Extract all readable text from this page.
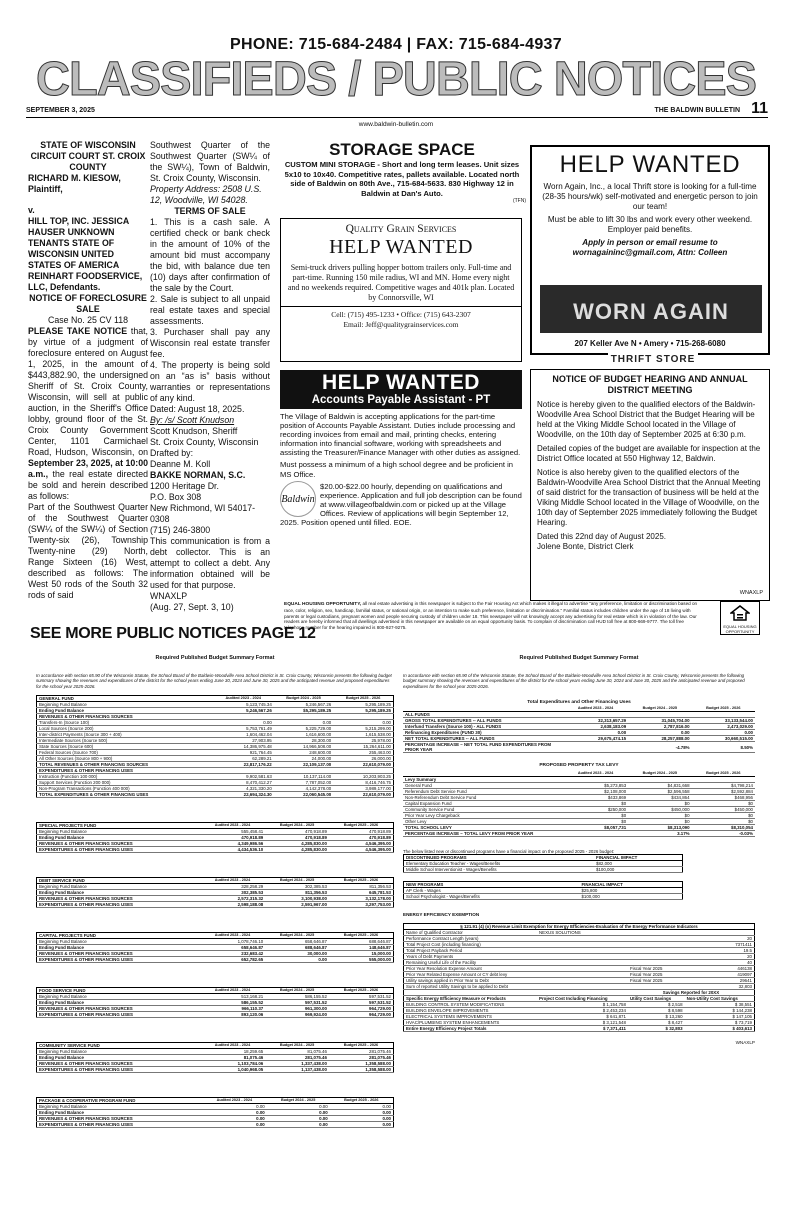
PHONE: 715-684-2484 | FAX: 715-684-4937
CLASSIFIEDS / PUBLIC NOTICES
SEPTEMBER 3, 2025	THE BALDWIN BULLETIN 11
www.baldwin-bulletin.com
STATE OF WISCONSIN CIRCUIT COURT ST. CROIX COUNTY
RICHARD M. KIESOW, Plaintiff,
v.
HILL TOP, INC. JESSICA HAUSER UNKNOWN TENANTS STATE OF WISCONSIN UNITED STATES OF AMERICA REINHART FOODSERVICE, LLC, Defendants.
NOTICE OF FORECLOSURE SALE
Case No. 25 CV 118
PLEASE TAKE NOTICE that, by virtue of a judgment of foreclosure entered on August 1, 2025, in the amount of $443,882.90, the undersigned Sheriff of St. Croix County, Wisconsin, will sell at public auction, in the Sheriff's Office lobby, ground floor of the St. Croix County Government Center, 1101 Carmichael Road, Hudson, Wisconsin, on September 23, 2025, at 10:00 a.m., the real estate directed be sold and herein described as follows:
Part of the Southwest Quarter of the Southwest Quarter (SW¼ of the SW¼) of Section Twenty-six (26), Township Twenty-nine (29) North, Range Sixteen (16) West, described as follows: The West 50 rods of the South 32 rods of said
Southwest Quarter of the Southwest Quarter (SW¼ of the SW¼), Town of Baldwin, St. Croix County, Wisconsin.
Property Address: 2508 U.S. 12, Woodville, WI 54028.
TERMS OF SALE
1. This is a cash sale. A certified check or bank check in the amount of 10% of the amount bid must accompany the bid, with balance due ten (10) days after confirmation of the sale by the Court.
2. Sale is subject to all unpaid real estate taxes and special assessments.
3. Purchaser shall pay any Wisconsin real estate transfer fee.
4. The property is being sold on an “as is” basis without warranties or representations of any kind.
Dated: August 18, 2025.
By: /s/ Scott Knudson
Scott Knudson, Sheriff
St. Croix County, Wisconsin
Drafted by:
Deanne M. Koll
BAKKE NORMAN, S.C.
1200 Heritage Dr.
P.O. Box 308
New Richmond, WI 54017-0308
(715) 246-3800
This communication is from a debt collector. This is an attempt to collect a debt. Any information obtained will be used for that purpose.
WNAXLP
(Aug. 27, Sept. 3, 10)
SEE MORE PUBLIC NOTICES PAGE 12
STORAGE SPACE

CUSTOM MINI STORAGE - Short and long term leases. Unit sizes 5x10 to 10x40. Competitive rates, pallets available. Located north side of Baldwin on 80th Ave., 715-684-5633. 830 Highway 12 in Baldwin at Dan's Auto.

(TFN)

Quality Grain Services
HELP WANTED
Semi-truck drivers pulling hopper bottom trailers only. Full-time and part-time. Running 150 mile radius, WI and MN. Home every night and no weekends required. Competitive wages and 401k plan. Located by Connorsville, WI
Cell: (715) 495-1233 • Office: (715) 643-2307
Email: Jeff@qualitygrainservices.com
HELP WANTED
Accounts Payable Assistant - PT

The Village of Baldwin is accepting applications for the part-time position of Accounts Payable Assistant. Duties include processing and recording invoices from email and mail, printing checks, entering information into financial software, working with spreadsheets and assisting the Treasurer/Finance Manager with other duties as assigned.

Must possess a minimum of a high school degree and be proficient in MS Office.

Baldwin

$20.00-$22.00 hourly, depending on qualifications and experience. Application and full job description can be found at www.villageofbaldwin.com or picked up at the Village Offices. Review of applications will begin September 12, 2025. Position opened until filled. EOE.

HELP WANTED

Worn Again, Inc., a local Thrift store is looking for a full-time (28-35 hours/wk) self-motivated and energetic person to join our team!

Must be able to lift 30 lbs and work every other weekend. Employer paid benefits.

Apply in person or email resume to wornagaininc@gmail.com, Attn: Colleen

WORN AGAIN THRIFT STORE
207 Keller Ave N • Amery • 715-268-6080
NOTICE OF BUDGET HEARING AND ANNUAL DISTRICT MEETING

Notice is hereby given to the qualified electors of the Baldwin-Woodville Area School District that the Budget Hearing will be held at the Viking Middle School located in the Village of Woodville, on the 10th day of September 2025 at 6:30 p.m.

Detailed copies of the budget are available for inspection at the District Office located at 550 Highway 12, Baldwin.

Notice is also hereby given to the qualified electors of the Baldwin-Woodville Area School District that the Annual Meeting of said district for the transaction of business will be held at the Viking Middle School located in the Village of Woodville, on the 10th day of September 2025 immediately following the Budget Hearing.

Dated this 22nd day of August 2025.

Jolene Bonte, District Clerk

WNAXLP
EQUAL HOUSING OPPORTUNITY, all real estate advertising in this newspaper is subject to the Fair Housing Act which makes it illegal to advertise "any preference, limitation or discrimination based on race, color, religion, sex, handicap, familial status, or national origin, or an intention to make such preference, limitation or discrimination." Familial status includes children under the age of 18 living with parents or legal custodians, pregnant women and people securing custody of children under 18. This newspaper will not knowingly accept any advertising for real estate which is in violation of the law. Our readers are hereby informed that all dwellings advertised in this newspaper are available on an equal opportunity basis. To complain of discrimination call HUD toll free at 800-669-9777. The toll free telephone number for the hearing impaired is 800-927-9275.	EQUAL HOUSING OPPORTUNITY
Required Published Budget Summary Format
In accordance with section 65.90 of the Wisconsin Statute, the School Board of the Baldwin-Woodville Area School District in St. Croix County, Wisconsin presents the following budget summary showing the revenues and expenditures of the district for the school years ending June 30, 2024 and June 30, 2025 and the anticipated revenue and proposed expenditures for the school year 2025-2026.
GENERAL FUND	Audited 2023 - 2024	Budget 2024 - 2025	Budget 2025 - 2026
Beginning Fund Balance	5,123,745.34	5,246,567.26	5,295,189.25
Ending Fund Balance	5,246,567.26	$5,295,189.25	5,295,189.25
REVENUES & OTHER FINANCING SOURCES			
Transfers-In (Source 100)	0.00	0.00	0.00
Local Sources (Source 200)	5,753,761.49	5,225,729.00	5,215,299.00
Inter-district Payments (Source 300 + 400)	1,604,462.04	1,616,600.00	1,615,538.00
Intermediate Sources (Source 500)	27,903.95	28,300.00	25,978.00
State Sources (Source 600)	14,386,975.48	14,966,508.00	15,264,611.00
Federal Sources (Source 700)	921,764.45	248,600.00	255,463.00
All Other Sources (Source 800 + 900)	62,289.21	24,000.00	26,000.00
TOTAL REVENUES & OTHER FINANCING SOURCES	22,817,176.22	22,109,137.00	22,610,079.00
EXPENDITURES & OTHER FINANCING USES			
Instruction (Function 100 000)	9,902,581.63	10,137,114.00	10,203,903.25
Support Services (Function 200 000)	8,470,412.27	7,787,052.00	8,416,746.75
Non-Program Transactions (Function 400 000)	4,321,330.20	4,142,378.00	3,989,177.00
TOTAL EXPENDITURES & OTHER FINANCING USES	22,694,324.30	22,060,545.00	22,610,079.00
SPECIAL PROJECTS FUND	Audited 2023 - 2024	Budget 2024 - 2025	Budget 2025 - 2026
Beginning Fund Balance	555,458.41	470,918.89	470,918.89
Ending Fund Balance	470,918.89	470,918.89	470,918.89
REVENUES & OTHER FINANCING SOURCES	4,349,986.56	4,285,830.00	4,546,395.00
EXPENDITURES & OTHER FINANCING USES	4,434,536.10	4,285,830.00	4,546,395.00
DEBT SERVICE FUND	Audited 2023 - 2024	Budget 2024 - 2025	Budget 2025 - 2026
Beginning Fund Balance	328,258.29	302,385.53	811,356.53
Ending Fund Balance	302,385.53	811,356.53	645,781.53
REVENUES & OTHER FINANCING SOURCES	2,572,315.32	3,100,938.00	3,132,178.00
EXPENDITURES & OTHER FINANCING USES	2,598,188.08	2,591,967.00	3,297,753.00
CAPITAL PROJECTS FUND	Audited 2023 - 2024	Budget 2024 - 2025	Budget 2025 - 2026
Beginning Fund Balance	1,078,746.10	658,646.87	688,646.87
Ending Fund Balance	658,646.87	688,646.87	148,646.87
REVENUES & OTHER FINANCING SOURCES	232,683.42	30,000.00	15,000.00
EXPENDITURES & OTHER FINANCING USES	652,782.65	0.00	555,000.00
FOOD SERVICE FUND	Audited 2023 - 2024	Budget 2024 - 2025	Budget 2025 - 2026
Beginning Fund Balance	513,168.21	586,155.52	597,531.52
Ending Fund Balance	586,155.52	597,531.52	597,531.52
REVENUES & OTHER FINANCING SOURCES	966,110.37	961,300.00	964,729.00
EXPENDITURES & OTHER FINANCING USES	893,120.06	969,924.00	964,729.00
COMMUNITY SERVICE FUND	Audited 2023 - 2024	Budget 2024 - 2025	Budget 2025 - 2026
Beginning Fund Balance	18,259.65	81,075.46	281,075.46
Ending Fund Balance	81,075.46	281,075.46	281,075.46
REVENUES & OTHER FINANCING SOURCES	1,103,784.06	1,337,438.00	1,358,588.00
EXPENDITURES & OTHER FINANCING USES	1,040,968.05	1,137,438.00	1,358,588.00
PACKAGE & COOPERATIVE PROGRAM FUND	Audited 2023 - 2024	Budget 2024 - 2025	Budget 2025 - 2026
Beginning Fund Balance	0.00	0.00	0.00
Ending Fund Balance	0.00	0.00	0.00
REVENUES & OTHER FINANCING SOURCES	0.00	0.00	0.00
EXPENDITURES & OTHER FINANCING USES	0.00	0.00	0.00
Required Published Budget Summary Format
In accordance with section 65.90 of the Wisconsin Statute, the School Board of the Baldwin-Woodville Area School District in St. Croix County, Wisconsin presents the following budget summary showing the revenues and expenditures of the district for the school years ending June 30, 2024 and June 30, 2025 and the anticipated revenue and proposed expenditures for the school year 2025-2026.
Total Expenditures and Other Financing Uses
	Audited 2023 - 2024	Budget 2024 - 2025	Budget 2025 - 2026
ALL FUNDS			
GROSS TOTAL EXPENDITURES -- ALL FUNDS	32,313,657.29	31,045,704.00	33,133,544.00
Interfund Transfers (Source 100) - ALL FUNDS	2,638,183.09	2,787,816.00	2,473,029.00
Refinancing Expenditures (FUND 30)	0.00	0.00	0.00
NET TOTAL EXPENDITURES -- ALL FUNDS	29,675,474.15	28,257,888.00	30,660,515.00
PERCENTAGE INCREASE – NET TOTAL FUND EXPENDITURES FROM PRIOR YEAR		-4.78%	8.50%
PROPOSED PROPERTY TAX LEVY
	Audited 2023 - 2024	Budget 2024 - 2025	Budget 2025 - 2026
Levy Summary			
General Fund	$5,273,853	$4,831,668	$4,798,214
Referendum Debt Service Fund	$2,108,000	$2,596,558	$2,592,884
Non-Referendum Debt Service Fund	$433,869	$434,864	$468,956
Capital Expansion Fund	$0	$0	$0
Community Service Fund	$250,000	$450,000	$450,000
Prior Year Levy Chargeback	$0	$0	$0
Other Levy	$0	$0	$0
TOTAL SCHOOL LEVY	$8,057,731	$8,313,090	$8,310,054
PERCENTAGE INCREASE – TOTAL LEVY FROM PRIOR YEAR		3.17%	-0.03%
The below listed new or discontinued programs have a financial impact on the proposed 2025 - 2026 budget:
DISCONTINUED PROGRAMS	FINANCIAL IMPACT
Elementary Education Teacher - Wages/Benefits	$82,000
Middle School Interventionist - Wages/Benefits	$100,000
NEW PROGRAMS	FINANCIAL IMPACT
AP Clerk - Wages	$25,800
School Psychologist - Wages/Benefits	$100,000
ENERGY EFFICIENCY EXEMPTION
§ 121.91 (4) (o) Revenue Limit Exemption for Energy Efficiencies-Evaluation of the Energy Performance Indicators			
Name of Qualified Contractor	NEXUS SOLUTIONS		
Performance Contract Length (years)			20
Total Project Cost (including financing)			7371411
Total Project Payback Period			19.5
Years of Debt Payments			20
Remaining Useful Life of the Facility			40
Prior Year Resolution Expense Amount		Fiscal Year 2025	446138
Prior Year Related Expense Amount or CY debt levy		Fiscal Year 2025	419097
Utility savings applied in Prior Year to Debt		Fiscal Year 2025	29641
Sum of reported Utility Savings to be applied to Debt			32,803
		Savings Reported for 20XX	
Specific Energy Efficiency Measure or Products	Project Cost Including Financing	Utility Cost Savings	Non-Utility Cost Savings
BUILDING CONTROL SYSTEM MODIFICATIONS	$ 1,154,758	$ 2,518	$ 38,551
BUILDING ENVELOPE IMPROVEMENTS	$ 2,453,234	$ 8,598	$ 144,238
ELECTRICAL SYSTEMS IMPROVEMENTS	$ 641,871	$ 13,260	$ 147,105
HVAC/PLUMBING SYSTEM ENHANCEMENTS	$ 3,121,548	$ 8,427	$ 73,719
Entire Energy Efficiency Project Totals	$ 7,371,411	$ 32,803	$ 403,613
WNAXLP
